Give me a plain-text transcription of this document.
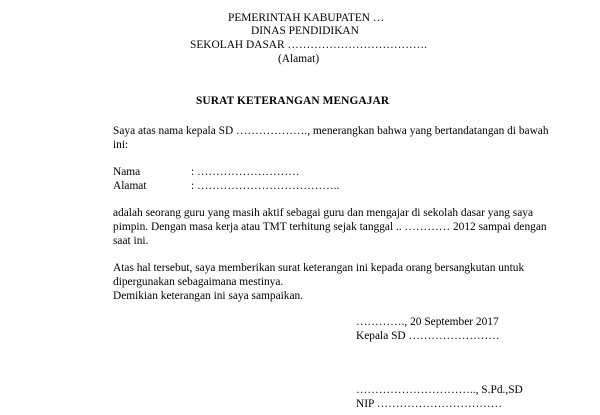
PEMERINTAH KABUPATEN …
DINAS PENDIDIKAN
SEKOLAH DASAR ……………………………….
(Alamat)
SURAT KETERANGAN MENGAJAR
Saya atas nama kepala SD ………………., menerangkan bahwa yang bertandatangan di bawah
ini:
Nama	: ………………………
Alamat	: ………………………………..
adalah seorang guru yang masih aktif sebagai guru dan mengajar di sekolah dasar yang saya
pimpin. Dengan masa kerja atau TMT terhitung sejak tanggal .. ………… 2012 sampai dengan
saat ini.
Atas hal tersebut, saya memberikan surat keterangan ini kepada orang bersangkutan untuk
dipergunakan sebagaimana mestinya.
Demikian keterangan ini saya sampaikan.
…………., 20 September 2017
Kepala SD ……………………
………………………….., S.Pd.,SD
NIP ……………………………
